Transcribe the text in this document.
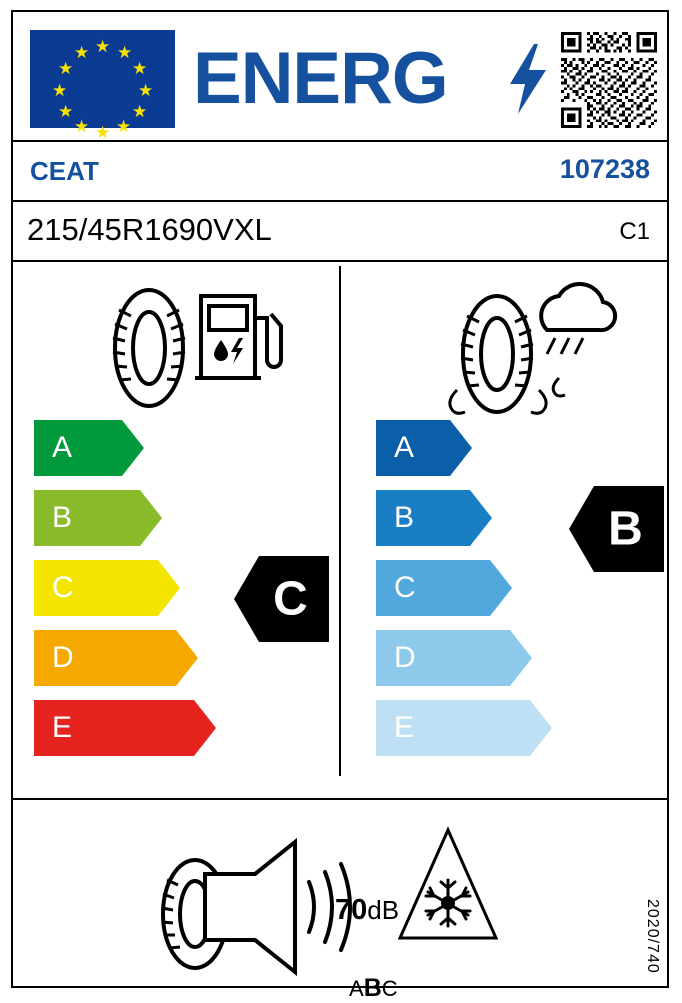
★ ★
★
★
★
★
★
★
★
★
★
★ ENERG
CEAT	107238
215/45R1690VXL	C1
A
B
C
D
E
C
A
B
C
D
E
B
70dB
ABC
2020/740
